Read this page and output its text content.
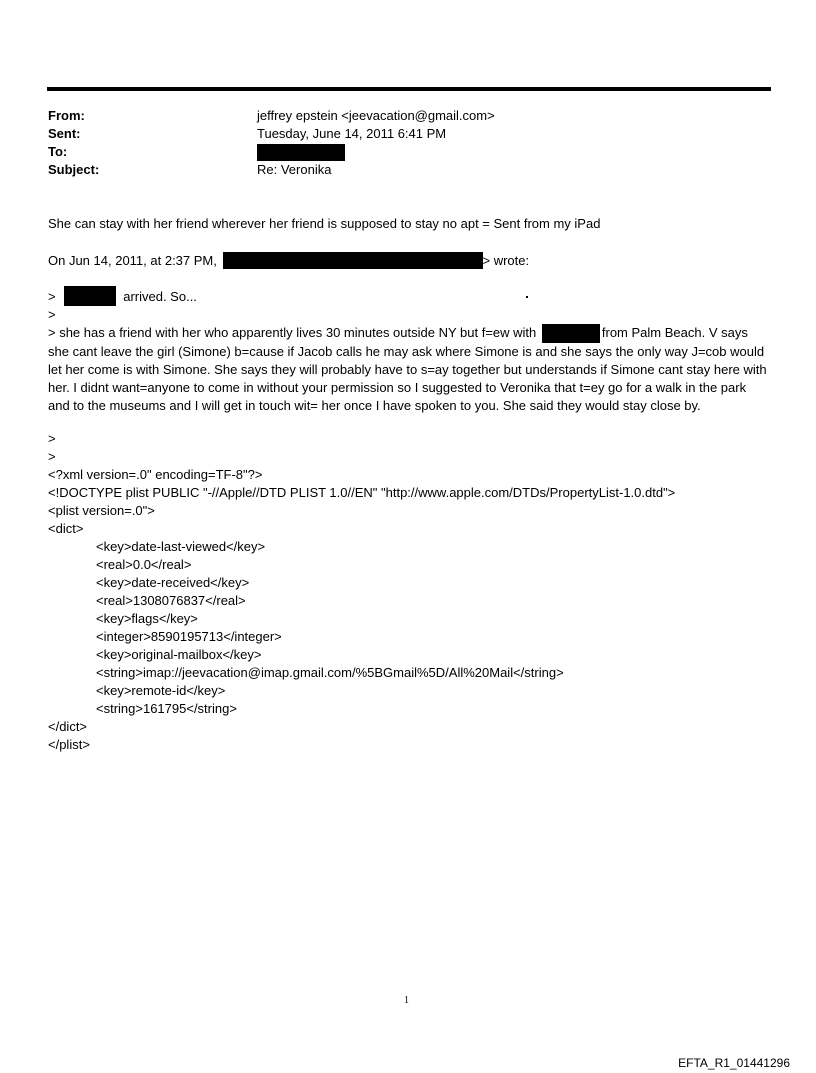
From:	jeffrey epstein <jeevacation@gmail.com>
Sent:	Tuesday, June 14, 2011 6:41 PM
To:
Subject:	Re: Veronika
She can stay with her friend wherever her friend is supposed to stay no apt = Sent from my iPad
On Jun 14, 2011, at 2:37 PM,	> wrote:
>	arrived. So...
>
> she has a friend with her who apparently lives 30 minutes outside NY but f=ew with	from Palm Beach. V says she cant leave the girl (Simone) b=cause if Jacob calls he may ask where Simone is and she says the only way J=cob would let her come is with Simone. She says they will probably have to s=ay together but understands if Simone cant stay here with her. I didnt want=anyone to come in without your permission so I suggested to Veronika that t=ey go for a walk in the park and to the museums and I will get in touch wit= her once I have spoken to you. She said they would stay close by.
>
>
<?xml version=.0" encoding=TF-8"?>
<!DOCTYPE plist PUBLIC "-//Apple//DTD PLIST 1.0//EN" "http://www.apple.com/DTDs/PropertyList-1.0.dtd">
<plist version=.0">
<dict>
<key>date-last-viewed</key>
<real>0.0</real>
<key>date-received</key>
<real>1308076837</real>
<key>flags</key>
<integer>8590195713</integer>
<key>original-mailbox</key>
<string>imap://jeevacation@imap.gmail.com/%5BGmail%5D/All%20Mail</string>
<key>remote-id</key>
<string>161795</string>
</dict>
</plist>
1
EFTA_R1_01441296
